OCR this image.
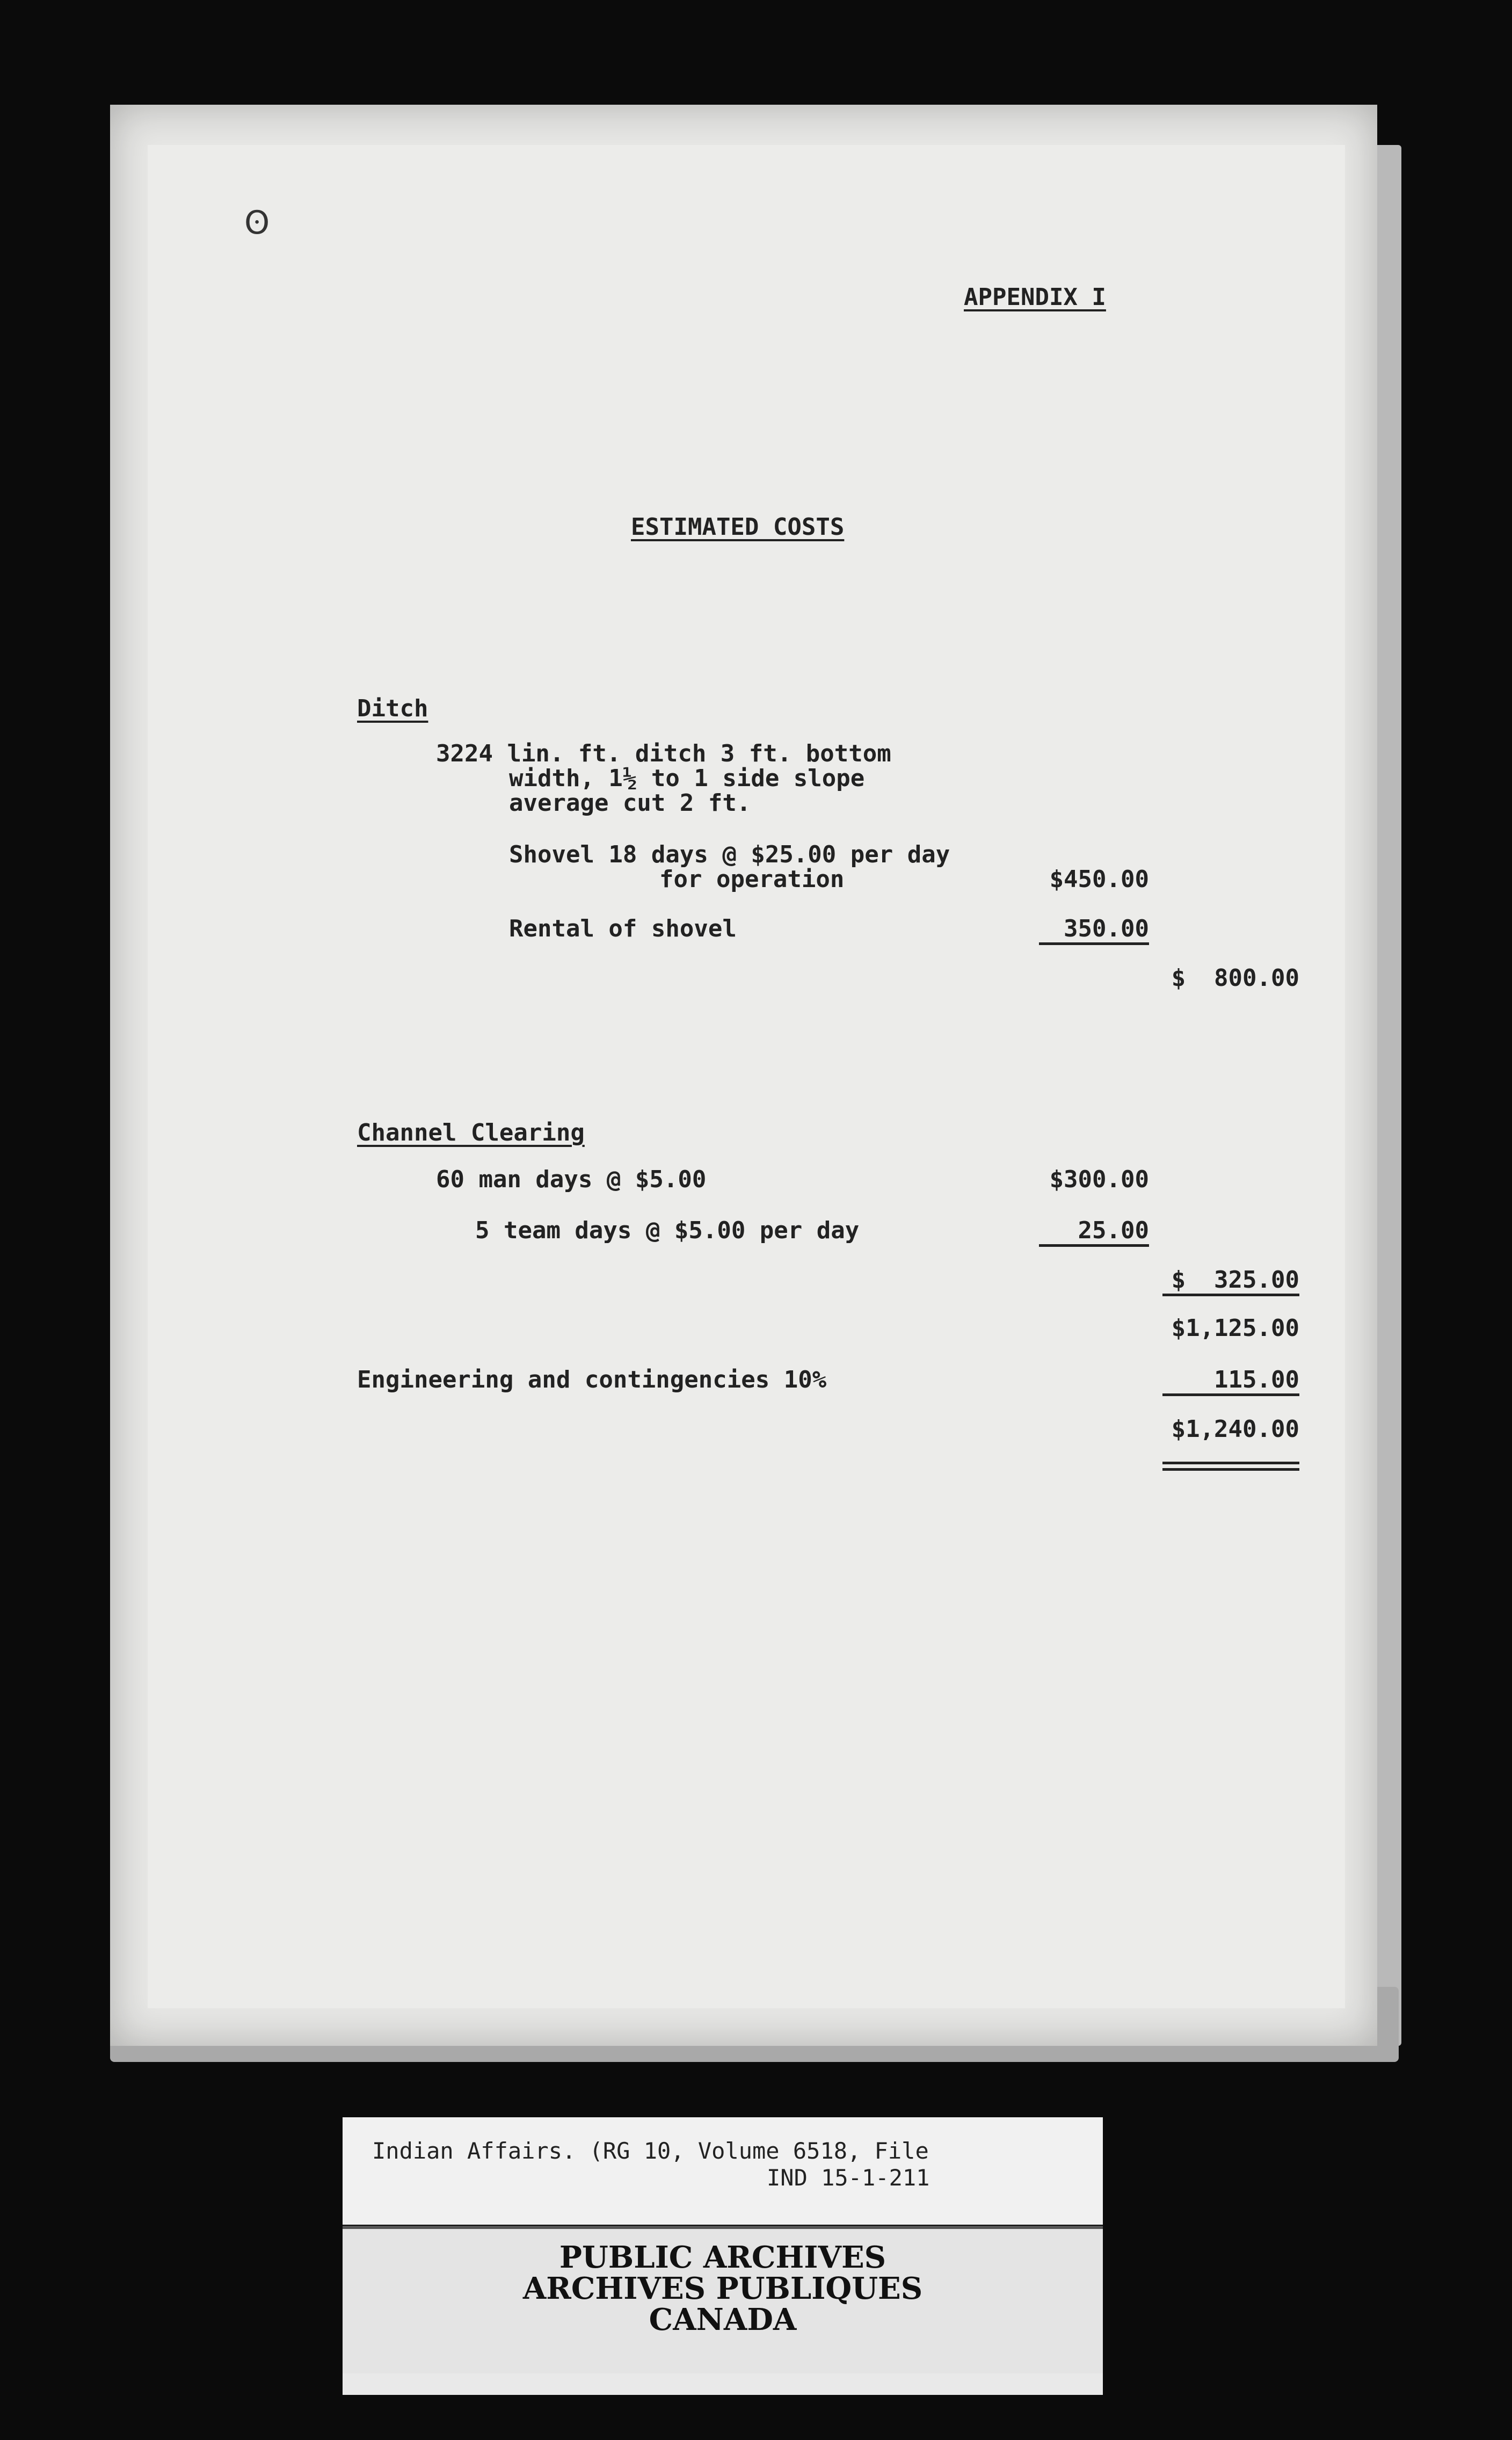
ʘ
APPENDIX I
ESTIMATED COSTS
Ditch
3224 lin. ft. ditch 3 ft. bottom
width, 1½ to 1 side slope
average cut 2 ft.
Shovel 18 days @ $25.00 per day
for operation	$450.00
Rental of shovel	350.00
$  800.00
Channel Clearing
60 man days @ $5.00	$300.00
5 team days @ $5.00 per day	25.00
$  325.00
$1,125.00
Engineering and contingencies 10%	115.00
$1,240.00
Indian Affairs. (RG 10, Volume 6518, File
IND 15-1-211
PUBLIC ARCHIVES
ARCHIVES PUBLIQUES
CANADA
